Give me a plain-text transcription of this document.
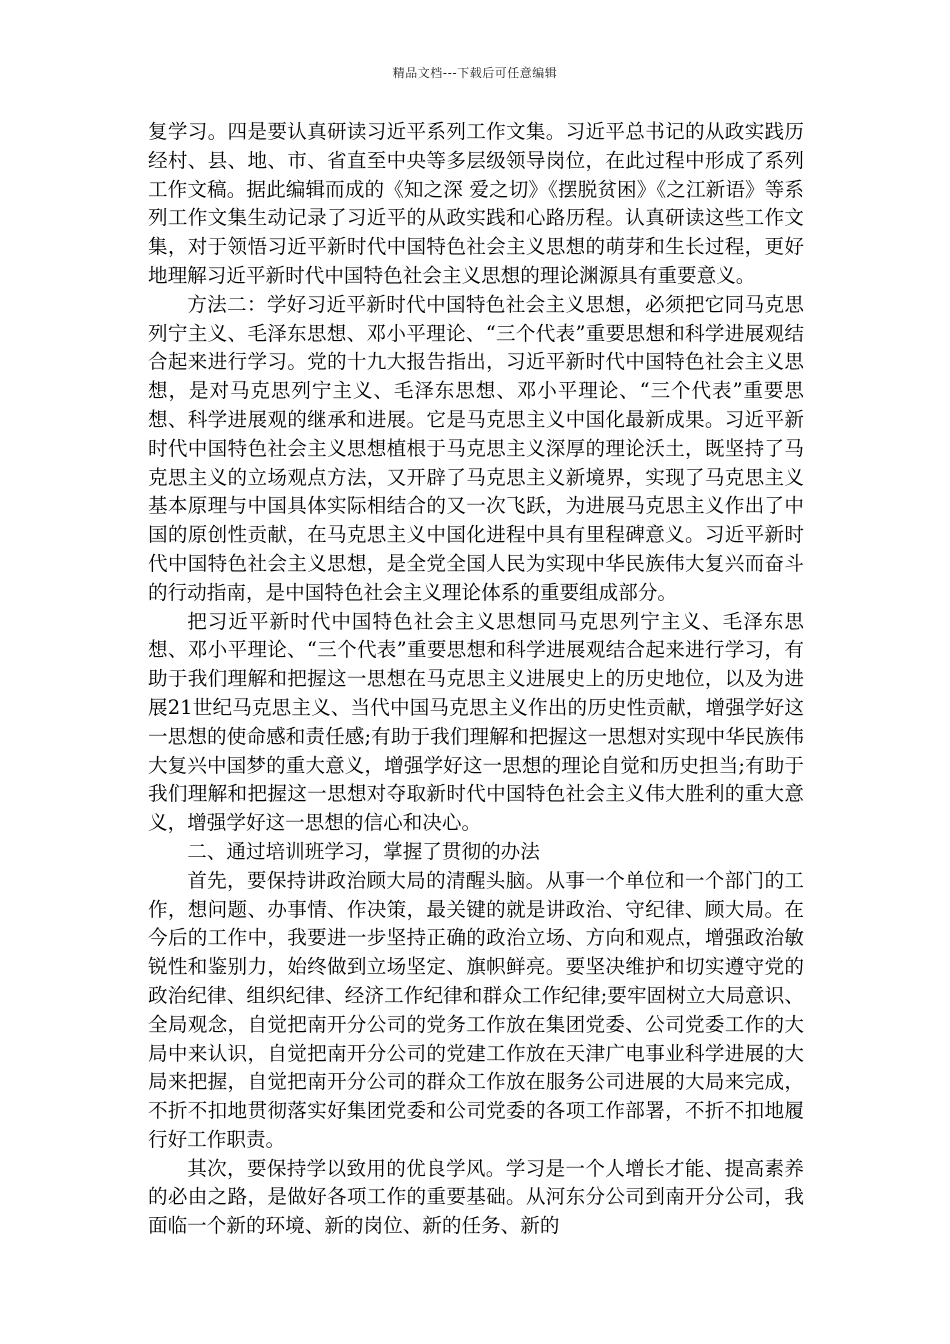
精品文档---下载后可任意编辑

复学习。四是要认真研读习近平系列工作文集。习近平总书记的从政实践历经村、县、地、市、省直至中央等多层级领导岗位，在此过程中形成了系列工作文稿。据此编辑而成的《知之深 爱之切》《摆脱贫困》《之江新语》等系列工作文集生动记录了习近平的从政实践和心路历程。认真研读这些工作文集，对于领悟习近平新时代中国特色社会主义思想的萌芽和生长过程，更好地理解习近平新时代中国特色社会主义思想的理论渊源具有重要意义。

方法二：学好习近平新时代中国特色社会主义思想，必须把它同马克思列宁主义、毛泽东思想、邓小平理论、“三个代表”重要思想和科学进展观结合起来进行学习。党的十九大报告指出，习近平新时代中国特色社会主义思想，是对马克思列宁主义、毛泽东思想、邓小平理论、“三个代表”重要思想、科学进展观的继承和进展。它是马克思主义中国化最新成果。习近平新时代中国特色社会主义思想植根于马克思主义深厚的理论沃土，既坚持了马克思主义的立场观点方法，又开辟了马克思主义新境界，实现了马克思主义基本原理与中国具体实际相结合的又一次飞跃，为进展马克思主义作出了中国的原创性贡献，在马克思主义中国化进程中具有里程碑意义。习近平新时代中国特色社会主义思想，是全党全国人民为实现中华民族伟大复兴而奋斗的行动指南，是中国特色社会主义理论体系的重要组成部分。

把习近平新时代中国特色社会主义思想同马克思列宁主义、毛泽东思想、邓小平理论、“三个代表”重要思想和科学进展观结合起来进行学习，有助于我们理解和把握这一思想在马克思主义进展史上的历史地位，以及为进展21世纪马克思主义、当代中国马克思主义作出的历史性贡献，增强学好这一思想的使命感和责任感;有助于我们理解和把握这一思想对实现中华民族伟大复兴中国梦的重大意义，增强学好这一思想的理论自觉和历史担当;有助于我们理解和把握这一思想对夺取新时代中国特色社会主义伟大胜利的重大意义，增强学好这一思想的信心和决心。

二、通过培训班学习，掌握了贯彻的办法

首先，要保持讲政治顾大局的清醒头脑。从事一个单位和一个部门的工作，想问题、办事情、作决策，最关键的就是讲政治、守纪律、顾大局。在今后的工作中，我要进一步坚持正确的政治立场、方向和观点，增强政治敏锐性和鉴别力，始终做到立场坚定、旗帜鲜亮。要坚决维护和切实遵守党的政治纪律、组织纪律、经济工作纪律和群众工作纪律;要牢固树立大局意识、全局观念，自觉把南开分公司的党务工作放在集团党委、公司党委工作的大局中来认识，自觉把南开分公司的党建工作放在天津广电事业科学进展的大局来把握，自觉把南开分公司的群众工作放在服务公司进展的大局来完成，不折不扣地贯彻落实好集团党委和公司党委的各项工作部署，不折不扣地履行好工作职责。

其次，要保持学以致用的优良学风。学习是一个人增长才能、提高素养的必由之路，是做好各项工作的重要基础。从河东分公司到南开分公司，我面临一个新的环境、新的岗位、新的任务、新的
